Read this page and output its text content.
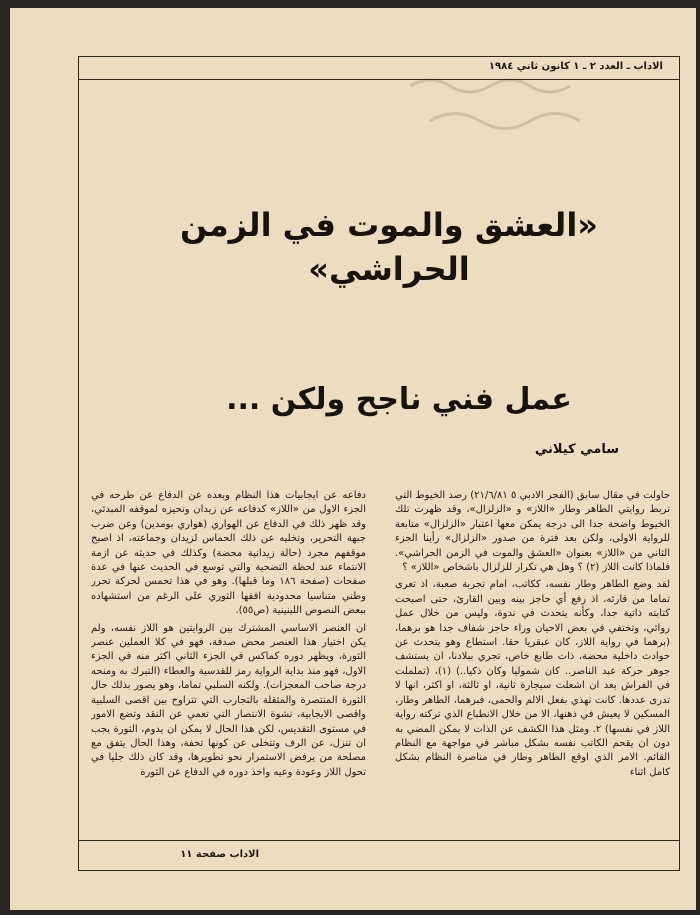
الاداب ـ العدد ٢ ـ ١ كانون ثاني ١٩٨٤
«العشق والموت في الزمن
الحراشي»
عمل فني ناجح ولكن ...
سامي كيلاني

حاولت في مقال سابق (الفجر الادبي ٥ ٢١/٦/٨١) رصد الخيوط التي تربط روايتي الطاهر وطار «اللاز» و «الزلزال»، وقد ظهرت تلك الخيوط واضحة جدا الى درجة يمكن معها اعتبار «الزلزال» متابعة للرواية الاولى، ولكن بعد فترة من صدور «الزلزال» رأينا الجزء الثاني من «اللاز» بعنوان «العشق والموت في الزمن الحراشي». فلماذا كانت اللاز (٢) ؟ وهل هي تكرار للزلزال باشخاص «اللاز» ؟

لقد وضع الطاهر وطار نفسه، ككاتب، امام تجربة صعبة، اذ تعرى تماما من قارئه، اذ رفع أي حاجز بينه وبين القارئ، حتى اصبحت كتابته ذاتية جدا، وكأنه يتحدث في ندوة، وليس من خلال عمل روائي، وتختفي في بعض الاحيان وراء حاجز شفاف جدا هو برهما، (برهما في رواية اللاز، كان عبقريا حقا. استطاع وهو يتحدث عن حوادث داخلية محضة، ذات طابع خاص، تجري ببلادنا، ان يستشف جوهر حركة عبد الناصر.. كان شموليا وكان ذكيا..) (١)، (تململت في الفراش بعد ان اشعلت سيجارة ثانية، او ثالثة، او اكثر، انها لا تدرى عددها. كانت تهذي بفعل الالم والحمى، فبرهما، الطاهر وطار، المسكين لا يعيش في ذهنها، الا من خلال الانطباع الذي تركته رواية اللاز في نفسها) ٢. ومثل هذا الكشف عن الذات لا يمكن المضي به دون ان يقحم الكاتب نفسه بشكل مباشر في مواجهة مع النظام القائم. الامر الذي اوقع الطاهر وطار في مناصرة النظام بشكل كامل اثناء

دفاعه عن ايجابيات هذا النظام وبعده عن الدفاع عن طرحه في الجزء الاول من «اللاز» كدفاعه عن زيدان وتحيزه لموقفه المبدئي، وقد ظهر ذلك في الدفاع عن الهواري (هواري بومدين) وعن ضرب جبهة التحرير، وتخليه عن ذلك الحماس لزيدان وجماعته، اذ اصبح موقفهم مجرد (حالة زيدانية محضة) وكذلك في حديثه عن ازمة الانتماء عند لحظة التضحية والتي توسع في الحديث عنها في عدة صفحات (صفحة ١٨٦ وما قبلها). وهو في هذا تحمس لحركة تحرر وطني متناسيا محدودية افقها الثوري على الرغم من استشهاده ببعض النصوص اللينينية (ص٥٥).

ان العنصر الاساسي المشترك بين الروايتين هو اللاز نفسه، ولم يكن اختيار هذا العنصر محض صدفة، فهو في كلا العملين عنصر الثورة، ويظهر دوره كماكس في الجزء الثاني اكثر منه في الجزء الاول، فهو منذ بداية الرواية رمز للقدسية والعطاء (التبرك به ومنحه درجة صاحب المعجزات). ولكنه السلبي تماما، وهو يصور بذلك حال الثورة المنتصرة والمثقلة بالتجارب التي تتراوح بين اقصى السلبية واقصى الايجابية، نشوة الانتصار التي تعمي عن النقد وتضع الامور في مستوى التقديس، لكن هذا الحال لا يمكن ان يدوم، الثورة يجب ان تنزل، عن الرف وتتخلى عن كونها تحفة، وهذا الحال يتفق مع مصلحة من يرفض الاستمرار نحو تطويرها، وقد كان ذلك جليا في تحول اللاز وعودة وعيه واخذ دوره في الدفاع عن الثورة

الاداب صفحة ١١
